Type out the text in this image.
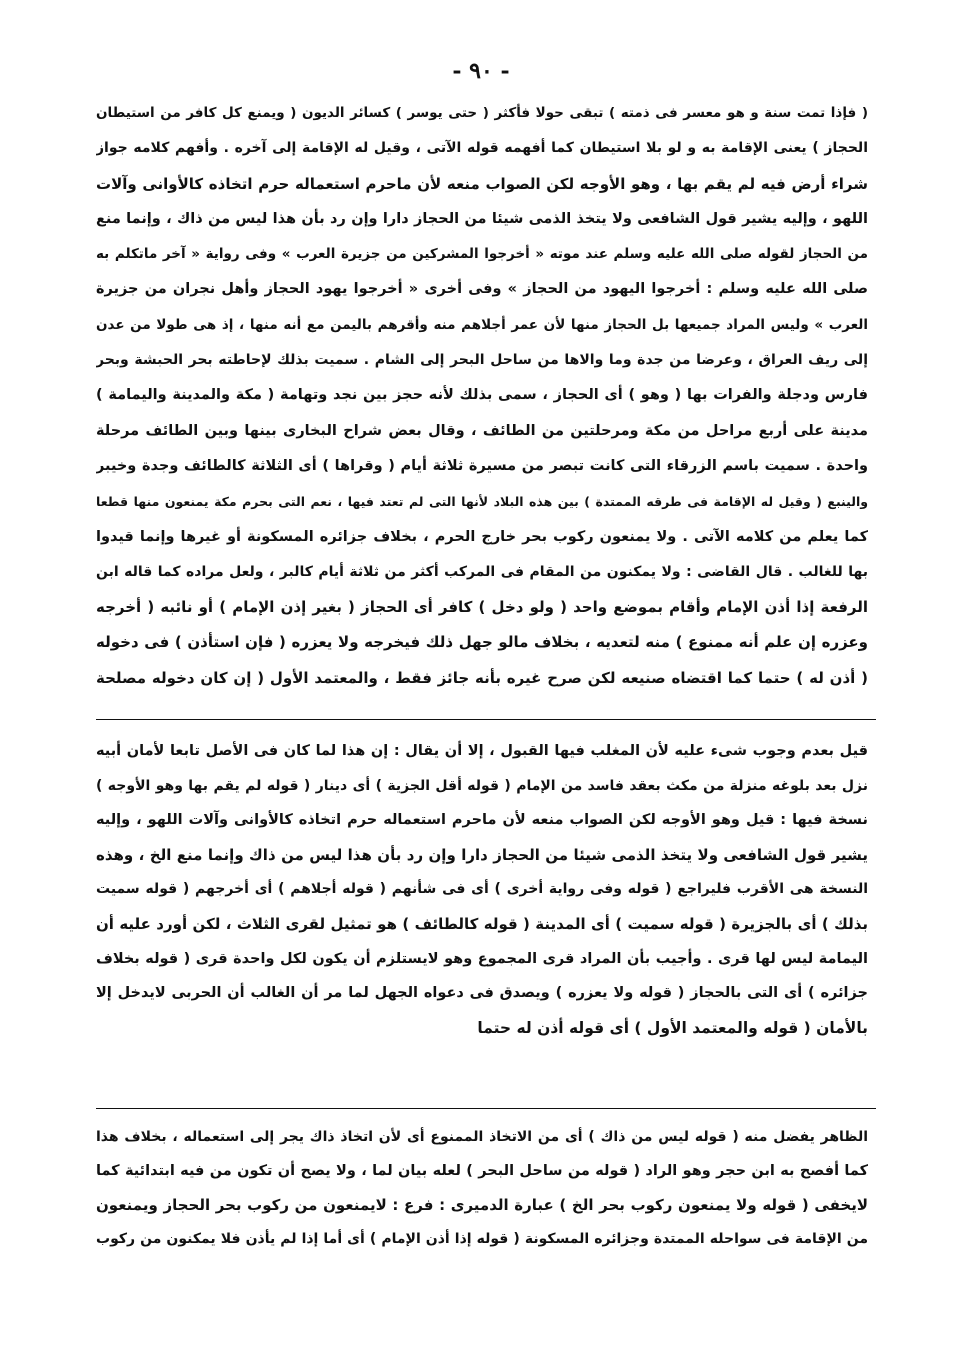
- ٩٠ -
( فإذا تمت سنة و هو معسر فى ذمته ) تبقى حولا فأكثر ( حتى يوسر ) كسائر الديون ( ويمنع كل كافر من استيطان
الحجاز ) يعنى الإقامة به و لو بلا استيطان كما أفهمه قوله الآتى ، وقيل له الإقامة إلى آخره . وأفهم كلامه جواز
شراء أرض فيه لم يقم بها ، وهو الأوجه لكن الصواب منعه لأن ماحرم استعماله حرم اتخاذه كالأوانى وآلات
اللهو ، وإليه يشير قول الشافعى ولا يتخذ الذمى شيئا من الحجاز دارا وإن رد بأن هذا ليس من ذاك ، وإنما منع
من الحجاز لقوله صلى الله عليه وسلم عند موته « أخرجوا المشركين من جزيرة العرب » وفى رواية « آخر ماتكلم به
صلى الله عليه وسلم : أخرجوا اليهود من الحجاز » وفى أخرى « أخرجوا يهود الحجاز وأهل نجران من جزيرة
العرب » وليس المراد جميعها بل الحجاز منها لأن عمر أجلاهم منه وأقرهم باليمن مع أنه منها ، إذ هى طولا من عدن
إلى ريف العراق ، وعرضا من جدة وما والاها من ساحل البحر إلى الشام . سميت بذلك لإحاطته بحر الحبشة وبحر
فارس ودجلة والفرات بها ( وهو ) أى الحجاز ، سمى بذلك لأنه حجز بين نجد وتهامة ( مكة والمدينة واليمامة )
مدينة على أربع مراحل من مكة ومرحلتين من الطائف ، وقال بعض شراح البخارى بينها وبين الطائف مرحلة
واحدة . سميت باسم الزرقاء التى كانت تبصر من مسيرة ثلاثة أيام ( وقراها ) أى الثلاثة كالطائف وجدة وخيبر
والينبع ( وقيل له الإقامة فى طرقه الممتدة ) بين هذه البلاد لأنها التى لم تعتد فيها ، نعم التى بحرم مكة يمنعون منها قطعا
كما يعلم من كلامه الآتى . ولا يمنعون ركوب بحر خارج الحرم ، بخلاف جزائره المسكونة أو غيرها وإنما قيدوا
بها للغالب . قال القاضى : ولا يمكنون من المقام فى المركب أكثر من ثلاثة أيام كالبر ، ولعل مراده كما قاله ابن
الرفعة إذا أذن الإمام وأقام بموضع واحد ( ولو دخل ) كافر أى الحجاز ( بغير إذن الإمام ) أو نائبه ( أخرجه
وعزره إن علم أنه ممنوع ) منه لتعديه ، بخلاف مالو جهل ذلك فيخرجه ولا يعزره ( فإن استأذن ) فى دخوله
( أذن له ) حتما كما اقتضاه صنيعه لكن صرح غيره بأنه جائز فقط ، والمعتمد الأول ( إن كان دخوله مصلحة
قيل بعدم وجوب شىء عليه لأن المغلب فيها القبول ، إلا أن يقال : إن هذا لما كان فى الأصل تابعا لأمان أبيه
نزل بعد بلوغه منزلة من مكث بعقد فاسد من الإمام ( قوله أقل الجزية ) أى دينار ( قوله لم يقم بها وهو الأوجه )
نسخة فيها : قيل وهو الأوجه لكن الصواب منعه لأن ماحرم استعماله حرم اتخاذه كالأوانى وآلات اللهو ، وإليه
يشير قول الشافعى ولا يتخذ الذمى شيئا من الحجاز دارا وإن رد بأن هذا ليس من ذاك وإنما منع الخ ، وهذه
النسخة هى الأقرب فليراجع ( قوله وفى رواية أخرى ) أى فى شأنهم ( قوله أجلاهم ) أى أخرجهم ( قوله سميت
بذلك ) أى بالجزيرة ( قوله سميت ) أى المدينة ( قوله كالطائف ) هو تمثيل لقرى الثلاث ، لكن أورد عليه أن
اليمامة ليس لها قرى . وأجيب بأن المراد قرى المجموع وهو لايستلزم أن يكون لكل واحدة قرى ( قوله بخلاف
جزائره ) أى التى بالحجاز ( قوله ولا يعزره ) ويصدق فى دعواه الجهل لما مر أن الغالب أن الحربى لايدخل إلا
بالأمان ( قوله والمعتمد الأول ) أى قوله أذن له حتما
الظاهر يفضل منه ( قوله ليس من ذاك ) أى من الاتخاذ الممنوع أى لأن اتخاذ ذاك يجر إلى استعماله ، بخلاف هذا
كما أفصح به ابن حجر وهو الراد ( قوله من ساحل البحر ) لعله بيان لما ، ولا يصح أن تكون من فيه ابتدائية كما
لايخفى ( قوله ولا يمنعون ركوب بحر الخ ) عبارة الدميرى : فرع : لايمنعون من ركوب بحر الحجاز ويمنعون
من الإقامة فى سواحله الممتدة وجزائره المسكونة ( قوله إذا أذن الإمام ) أى أما إذا لم يأذن فلا يمكنون من ركوب
